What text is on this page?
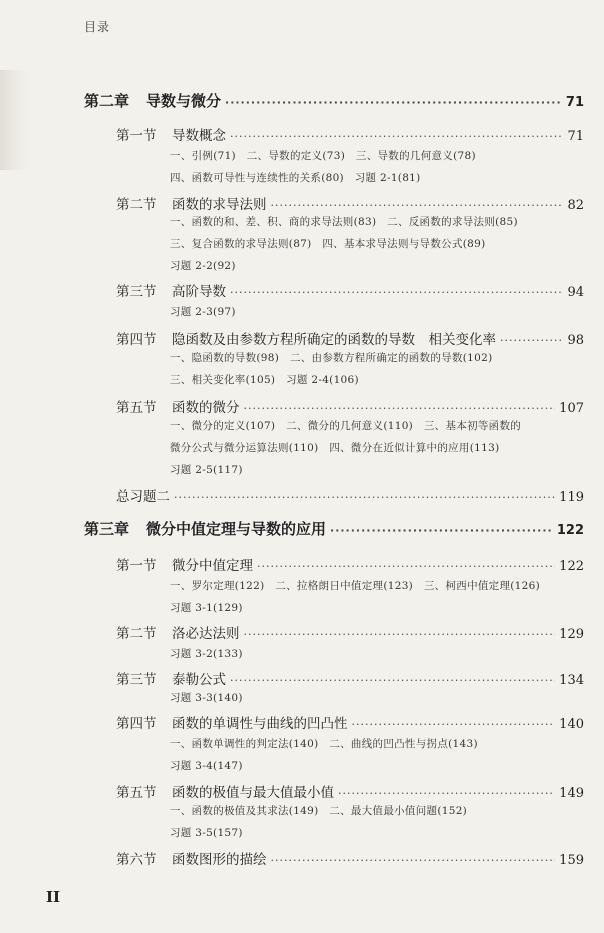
目录
第二章	导数与微分 ·····	71
第一节	导数概念 ·····	71
一、引例(71)　二、导数的定义(73)　三、导数的几何意义(78)
四、函数可导性与连续性的关系(80)　习题 2-1(81)
第二节	函数的求导法则 ·····	82
一、函数的和、差、积、商的求导法则(83)　二、反函数的求导法则(85)
三、复合函数的求导法则(87)　四、基本求导法则与导数公式(89)
习题 2-2(92)
第三节	高阶导数 ·····	94
习题 2-3(97)
第四节	隐函数及由参数方程所确定的函数的导数　相关变化率 ·····	98
一、隐函数的导数(98)　二、由参数方程所确定的函数的导数(102)
三、相关变化率(105)　习题 2-4(106)
第五节	函数的微分 ·····	107
一、微分的定义(107)　二、微分的几何意义(110)　三、基本初等函数的
微分公式与微分运算法则(110)　四、微分在近似计算中的应用(113)
习题 2-5(117)
总习题二 ·····	119
第三章	微分中值定理与导数的应用 ·····	122
第一节	微分中值定理 ·····	122
一、罗尔定理(122)　二、拉格朗日中值定理(123)　三、柯西中值定理(126)
习题 3-1(129)
第二节	洛必达法则 ·····	129
习题 3-2(133)
第三节	泰勒公式 ·····	134
习题 3-3(140)
第四节	函数的单调性与曲线的凹凸性 ·····	140
一、函数单调性的判定法(140)　二、曲线的凹凸性与拐点(143)
习题 3-4(147)
第五节	函数的极值与最大值最小值 ·····	149
一、函数的极值及其求法(149)　二、最大值最小值问题(152)
习题 3-5(157)
第六节	函数图形的描绘 ·····	159
II
